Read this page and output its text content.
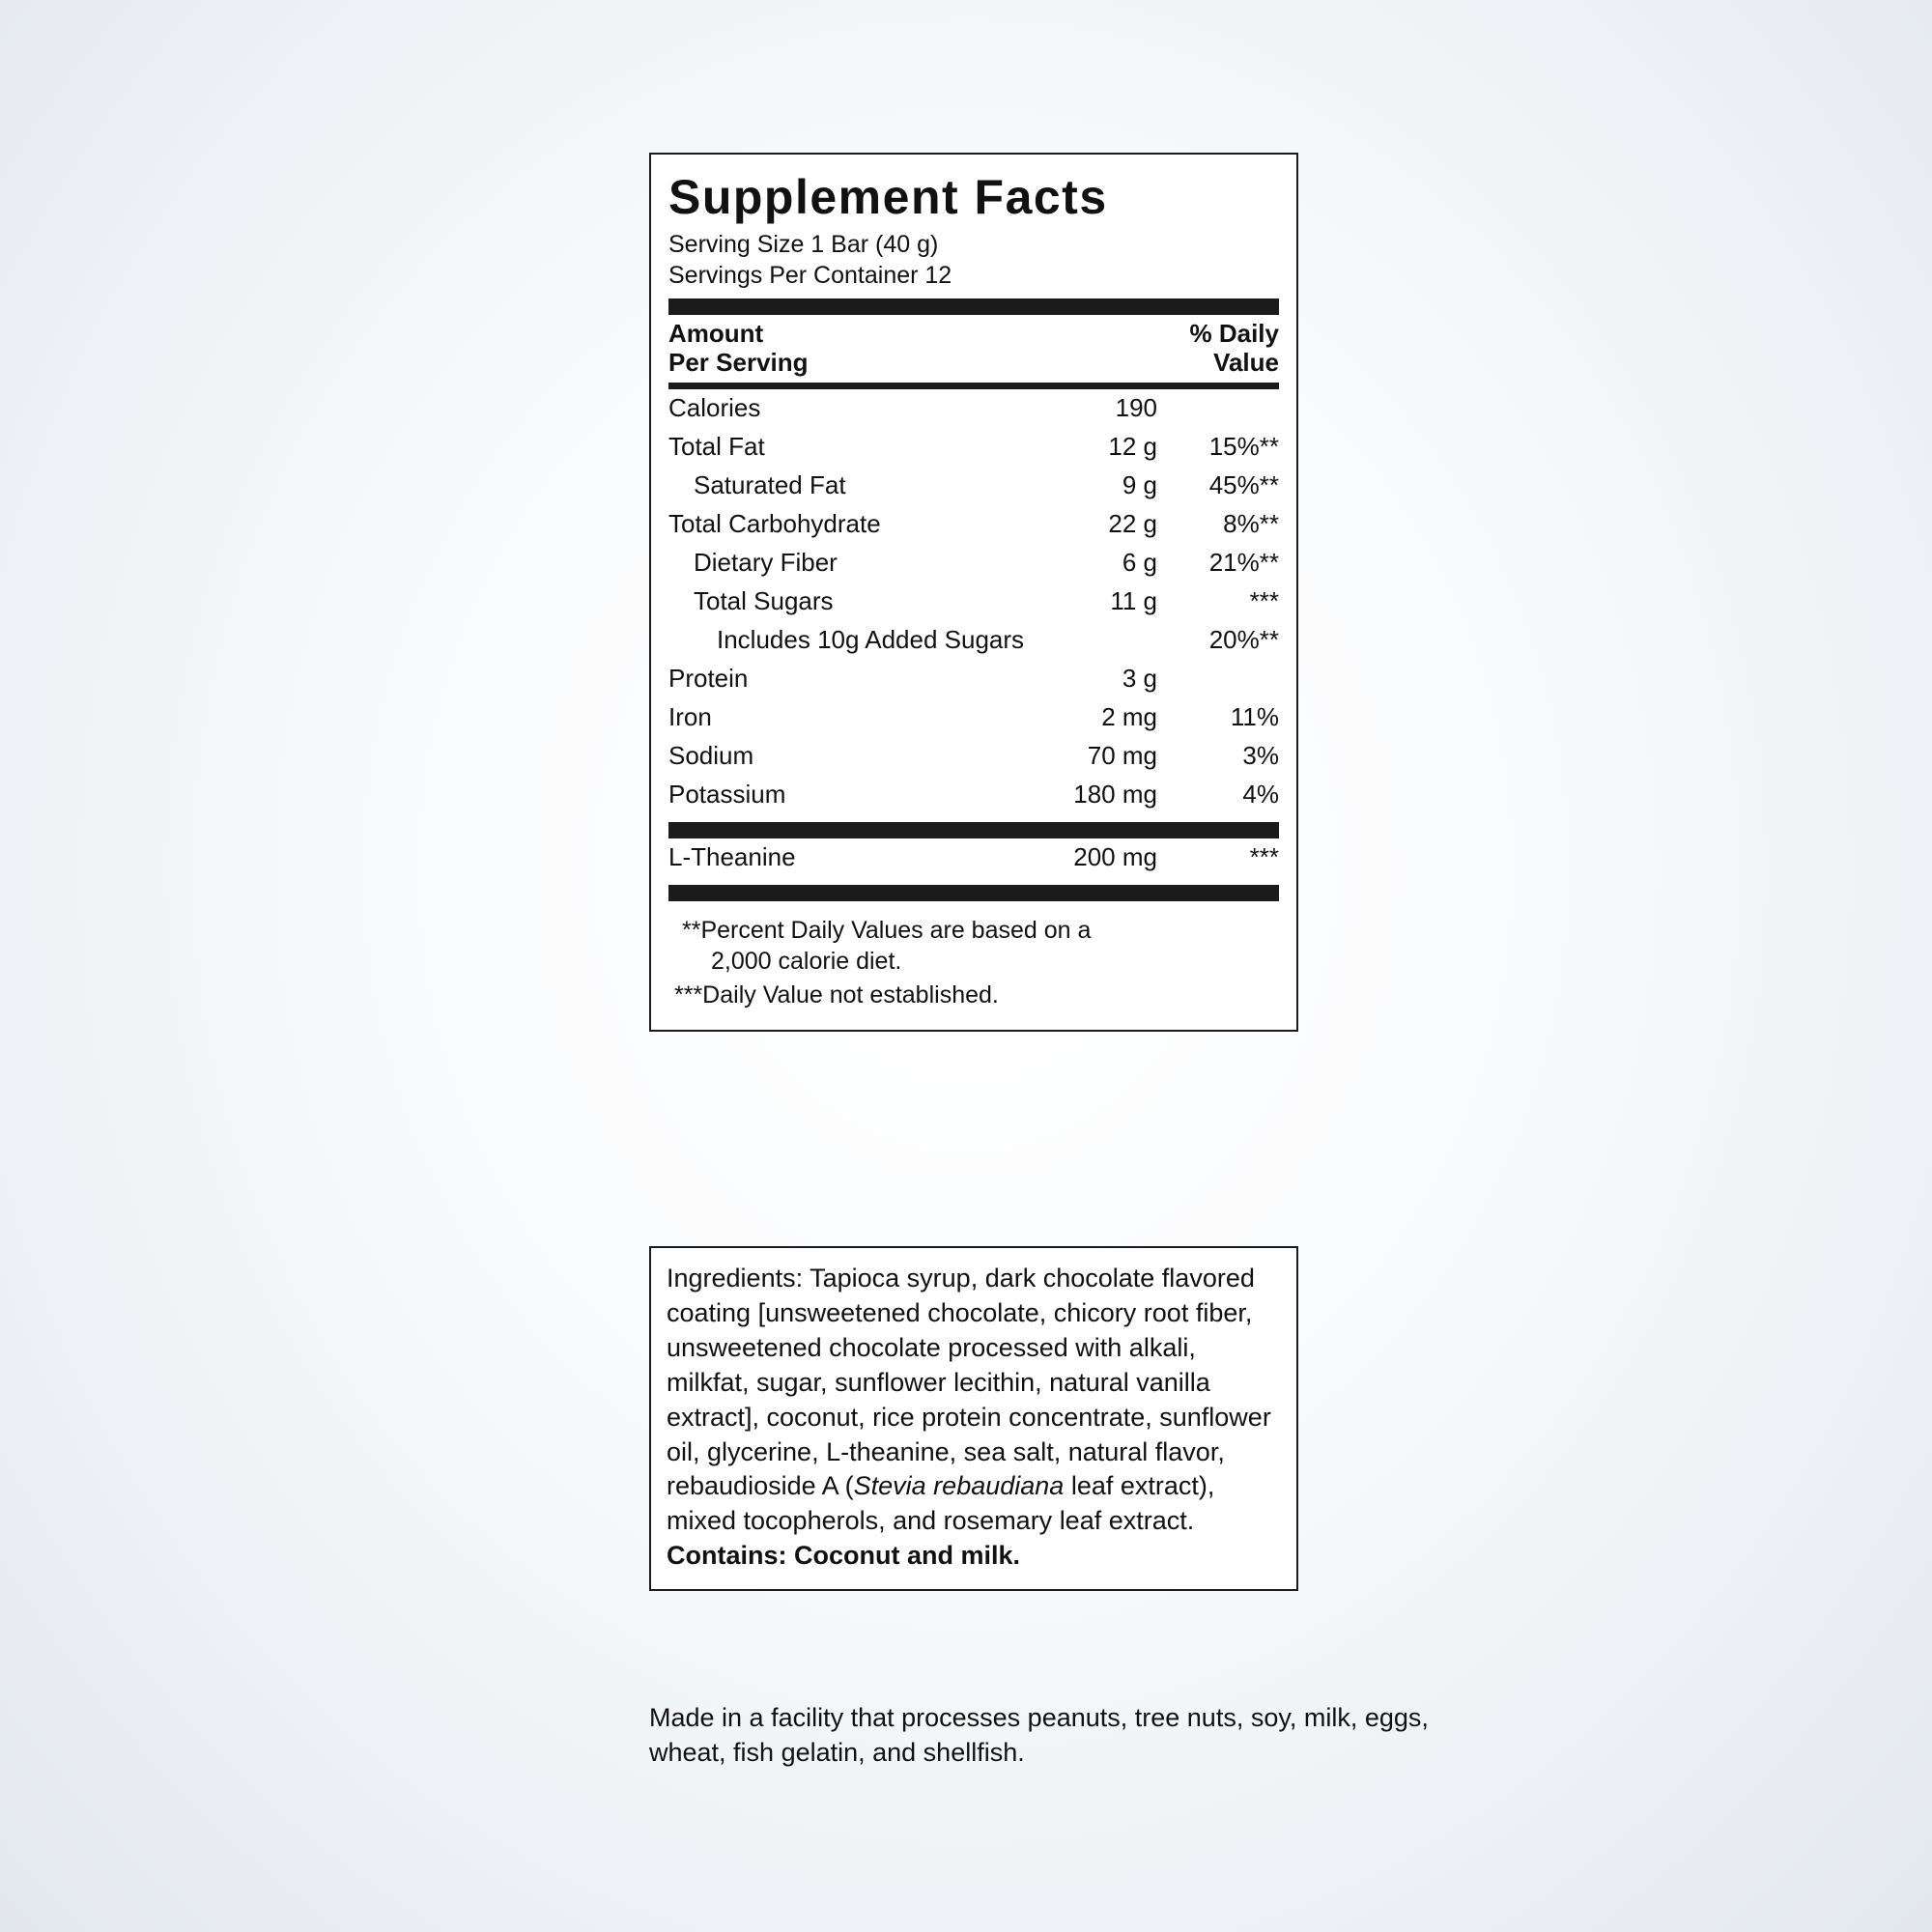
Supplement Facts
Serving Size 1 Bar (40 g)
Servings Per Container 12
Amount
Per Serving

% Daily
Value
Calories	190	
Total Fat	12 g	15%**
Saturated Fat	9 g	45%**
Total Carbohydrate	22 g	8%**
Dietary Fiber	6 g	21%**
Total Sugars	11 g	***
Includes 10g Added Sugars		20%**
Protein	3 g	
Iron	2 mg	11%
Sodium	70 mg	3%
Potassium	180 mg	4%
L-Theanine	200 mg	***
**Percent Daily Values are based on a
2,000 calorie diet.
***Daily Value not established.
Ingredients: Tapioca syrup, dark chocolate flavored coating [unsweetened chocolate, chicory root fiber, unsweetened chocolate processed with alkali, milkfat, sugar, sunflower lecithin, natural vanilla extract], coconut, rice protein concentrate, sunflower oil, glycerine, L-theanine, sea salt, natural flavor, rebaudioside A (Stevia rebaudiana leaf extract), mixed tocopherols, and rosemary leaf extract. Contains: Coconut and milk.
Made in a facility that processes peanuts, tree nuts, soy, milk, eggs, wheat, fish gelatin, and shellfish.
